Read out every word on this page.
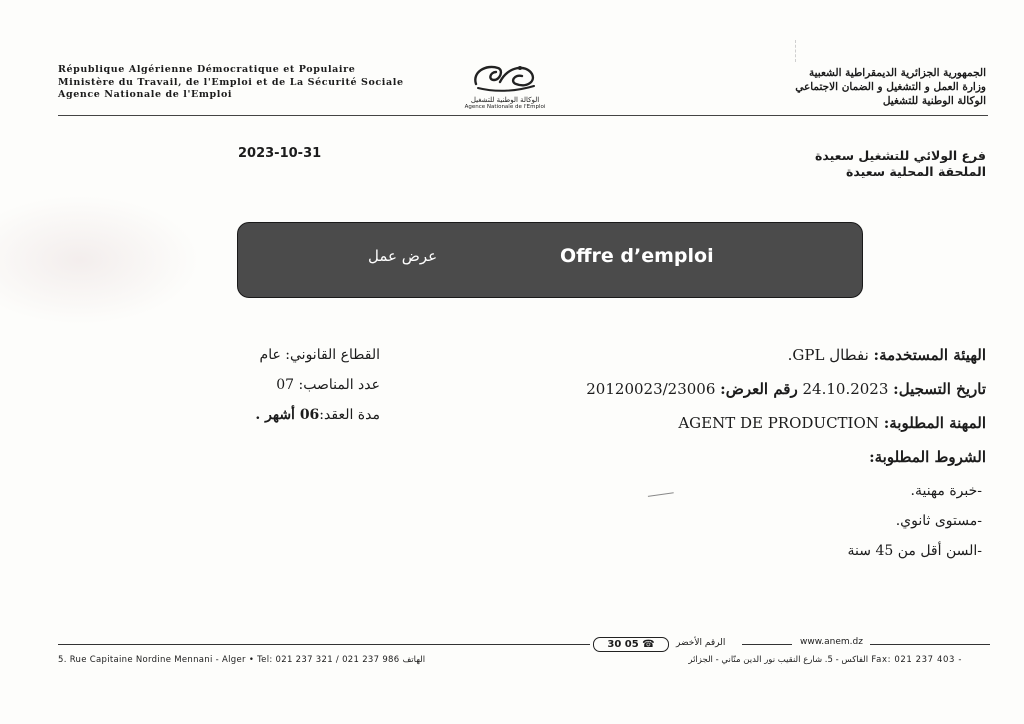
République Algérienne Démocratique et Populaire
Ministère du Travail, de l'Emploi et de La Sécurité Sociale
Agence Nationale de l'Emploi	الوكالة الوطنية للتشغيل
Agence Nationale de l'Emploi
الجمهورية الجزائرية الديمقراطية الشعبية
وزارة العمل و التشغيل و الضمان الاجتماعي
الوكالة الوطنية للتشغيل
2023-10-31	فرع الولائي للتشغيل سعيدة
الملحقة المحلية سعيدة
عرض عمل	Offre d’emploi
الهيئة المستخدمة: نفطال GPL.
تاريخ التسجيل: 24.10.2023 رقم العرض: 20120023/23006
المهنة المطلوبة: AGENT DE PRODUCTION
الشروط المطلوبة:
-خبرة مهنية.
-مستوى ثانوي.
-السن أقل من 45 سنة
القطاع القانوني: عام
عدد المناصب: 07
مدة العقد:06 أشهر .
30 05 ☎	الرقم الأخضر	www.anem.dz
5. Rue Capitaine Nordine Mennani - Alger • Tel: 021 237 321 / 021 237 986 الهاتف	- Fax: 021 237 403 الفاكس - 5. شارع النقيب نور الدين منّاني - الجزائر
